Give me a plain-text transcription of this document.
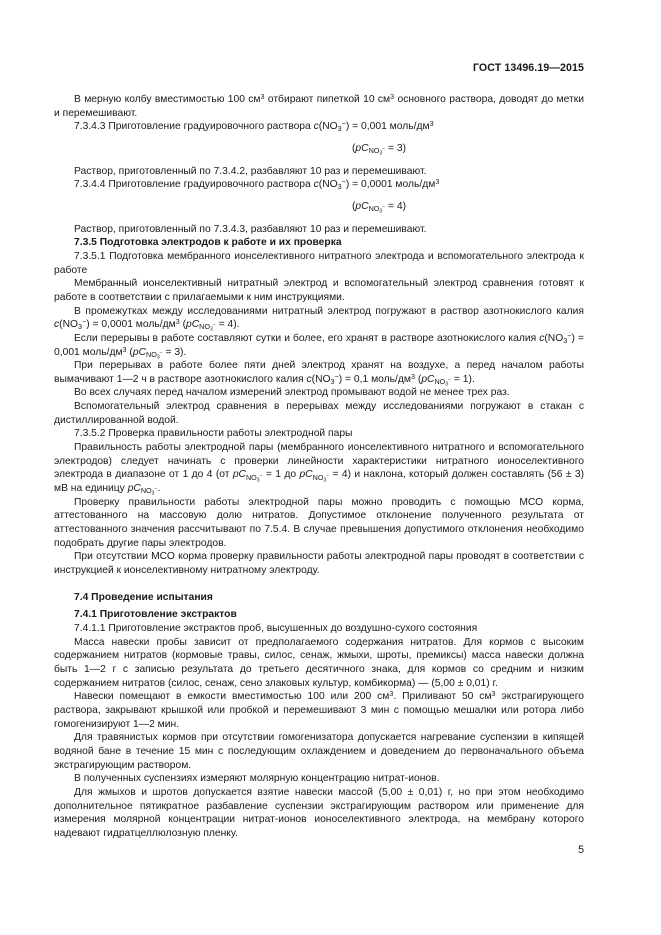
ГОСТ 13496.19—2015

В мерную колбу вместимостью 100 $см^3$ отбирают пипеткой 10 $см^3$ основного раствора, доводят до метки и перемешивают.

7.3.4.3 Приготовление градуировочного раствора $с(NO_3^-) = 0,001$ моль/$дм^3$

$(pC_{NO_3^-} = 3)$

Раствор, приготовленный по 7.3.4.2, разбавляют 10 раз и перемешивают.

7.3.4.4 Приготовление градуировочного раствора $с(NO_3^-) = 0,0001$ моль/$дм^3$

$(pC_{NO_3^-} = 4)$

Раствор, приготовленный по 7.3.4.3, разбавляют 10 раз и перемешивают.

7.3.5 Подготовка электродов к работе и их проверка

7.3.5.1 Подготовка мембранного ионселективного нитратного электрода и вспомогательного электрода к работе

Мембранный ионселективный нитратный электрод и вспомогательный электрод сравнения готовят к работе в соответствии с прилагаемыми к ним инструкциями.

В промежутках между исследованиями нитратный электрод погружают в раствор азотнокислого калия $с(NO_3^-) = 0,0001$ моль/$дм^3$ $(pC_{NO_3^-} = 4)$.

Если перерывы в работе составляют сутки и более, его хранят в растворе азотнокислого калия $с(NO_3^-) = 0,001$ моль/$дм^3$ $(pC_{NO_3^-} = 3)$.

При перерывах в работе более пяти дней электрод хранят на воздухе, а перед началом работы вымачивают 1—2 ч в растворе азотнокислого калия $с(NO_3^-) = 0,1$ моль/$дм^3$ $(pC_{NO_3^-} = 1)$.

Во всех случаях перед началом измерений электрод промывают водой не менее трех раз.

Вспомогательный электрод сравнения в перерывах между исследованиями погружают в стакан с дистиллированной водой.

7.3.5.2 Проверка правильности работы электродной пары

Правильность работы электродной пары (мембранного ионселективного нитратного и вспомогательного электродов) следует начинать с проверки линейности характеристики нитратного ионоселективного электрода в диапазоне от 1 до 4 (от $pC_{NO_3^-} = 1$ до $pC_{NO_3^-} = 4$) и наклона, который должен составлять (56 ± 3) мВ на единицу $pC_{NO_3^-}$.

Проверку правильности работы электродной пары можно проводить с помощью МСО корма, аттестованного на массовую долю нитратов. Допустимое отклонение полученного результата от аттестованного значения рассчитывают по 7.5.4. В случае превышения допустимого отклонения необходимо подобрать другие пары электродов.

При отсутствии МСО корма проверку правильности работы электродной пары проводят в соответствии с инструкцией к ионселективному нитратному электроду.

7.4 Проведение испытания

7.4.1 Приготовление экстрактов

7.4.1.1 Приготовление экстрактов проб, высушенных до воздушно-сухого состояния

Масса навески пробы зависит от предполагаемого содержания нитратов. Для кормов с высоким содержанием нитратов (кормовые травы, силос, сенаж, жмыхи, шроты, премиксы) масса навески должна быть 1—2 г с записью результата до третьего десятичного знака, для кормов со средним и низким содержанием нитратов (силос, сенаж, сено злаковых культур, комбикорма) — (5,00 ± 0,01) г.

Навески помещают в емкости вместимостью 100 или 200 $см^3$. Приливают 50 $см^3$ экстрагирующего раствора, закрывают крышкой или пробкой и перемешивают 3 мин с помощью мешалки или ротора либо гомогенизируют 1—2 мин.

Для травянистых кормов при отсутствии гомогенизатора допускается нагревание суспензии в кипящей водяной бане в течение 15 мин с последующим охлаждением и доведением до первоначального объема экстрагирующим раствором.

В полученных суспензиях измеряют молярную концентрацию нитрат-ионов.

Для жмыхов и шротов допускается взятие навески массой (5,00 ± 0,01) г, но при этом необходимо дополнительное пятикратное разбавление суспензии экстрагирующим раствором или применение для измерения молярной концентрации нитрат-ионов ионоселективного электрода, на мембрану которого надевают гидратцеллюлозную пленку.

5
